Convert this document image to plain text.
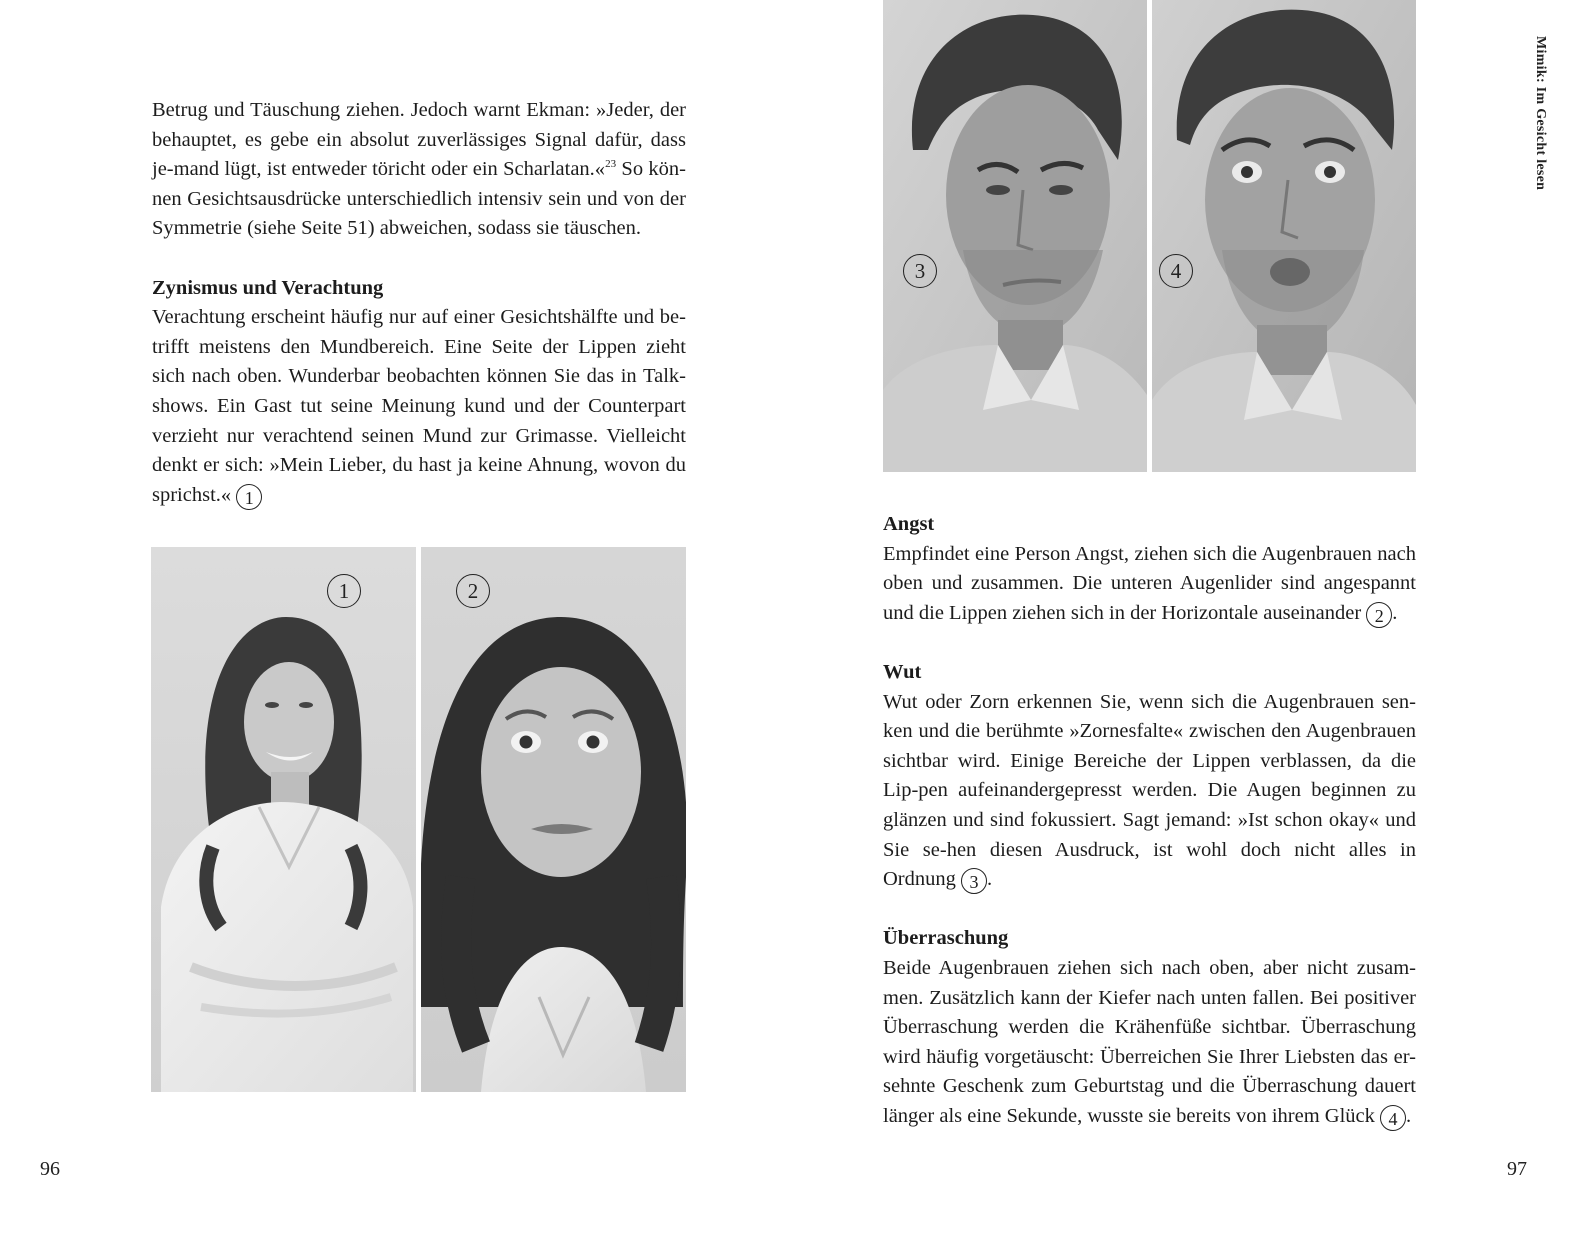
Betrug und Täuschung ziehen. Jedoch warnt Ekman: »Jeder, der behauptet, es gebe ein absolut zuverlässiges Signal dafür, dass je-mand lügt, ist entweder töricht oder ein Scharlatan.«$^{23}$ So kön-nen Gesichtsausdrücke unterschiedlich intensiv sein und von der Symmetrie (siehe Seite 51) abweichen, sodass sie täuschen.

Zynismus und Verachtung

Verachtung erscheint häufig nur auf einer Gesichtshälfte und be-trifft meistens den Mundbereich. Eine Seite der Lippen zieht sich nach oben. Wunderbar beobachten können Sie das in Talk-shows. Ein Gast tut seine Meinung kund und der Counterpart verzieht nur verachtend seinen Mund zur Grimasse. Vielleicht denkt er sich: »Mein Lieber, du hast ja keine Ahnung, wovon du sprichst.« 1

1	2
96
3	4
Angst

Empfindet eine Person Angst, ziehen sich die Augenbrauen nach oben und zusammen. Die unteren Augenlider sind angespannt und die Lippen ziehen sich in der Horizontale auseinander 2 .

Wut

Wut oder Zorn erkennen Sie, wenn sich die Augenbrauen sen-ken und die berühmte »Zornesfalte« zwischen den Augenbrauen sichtbar wird. Einige Bereiche der Lippen verblassen, da die Lip-pen aufeinandergepresst werden. Die Augen beginnen zu glänzen und sind fokussiert. Sagt jemand: »Ist schon okay« und Sie se-hen diesen Ausdruck, ist wohl doch nicht alles in Ordnung 3 .

Überraschung

Beide Augenbrauen ziehen sich nach oben, aber nicht zusam-men. Zusätzlich kann der Kiefer nach unten fallen. Bei positiver Überraschung werden die Krähenfüße sichtbar. Überraschung wird häufig vorgetäuscht: Überreichen Sie Ihrer Liebsten das er-sehnte Geschenk zum Geburtstag und die Überraschung dauert länger als eine Sekunde, wusste sie bereits von ihrem Glück 4 .

97
Mimik: Im Gesicht lesen
